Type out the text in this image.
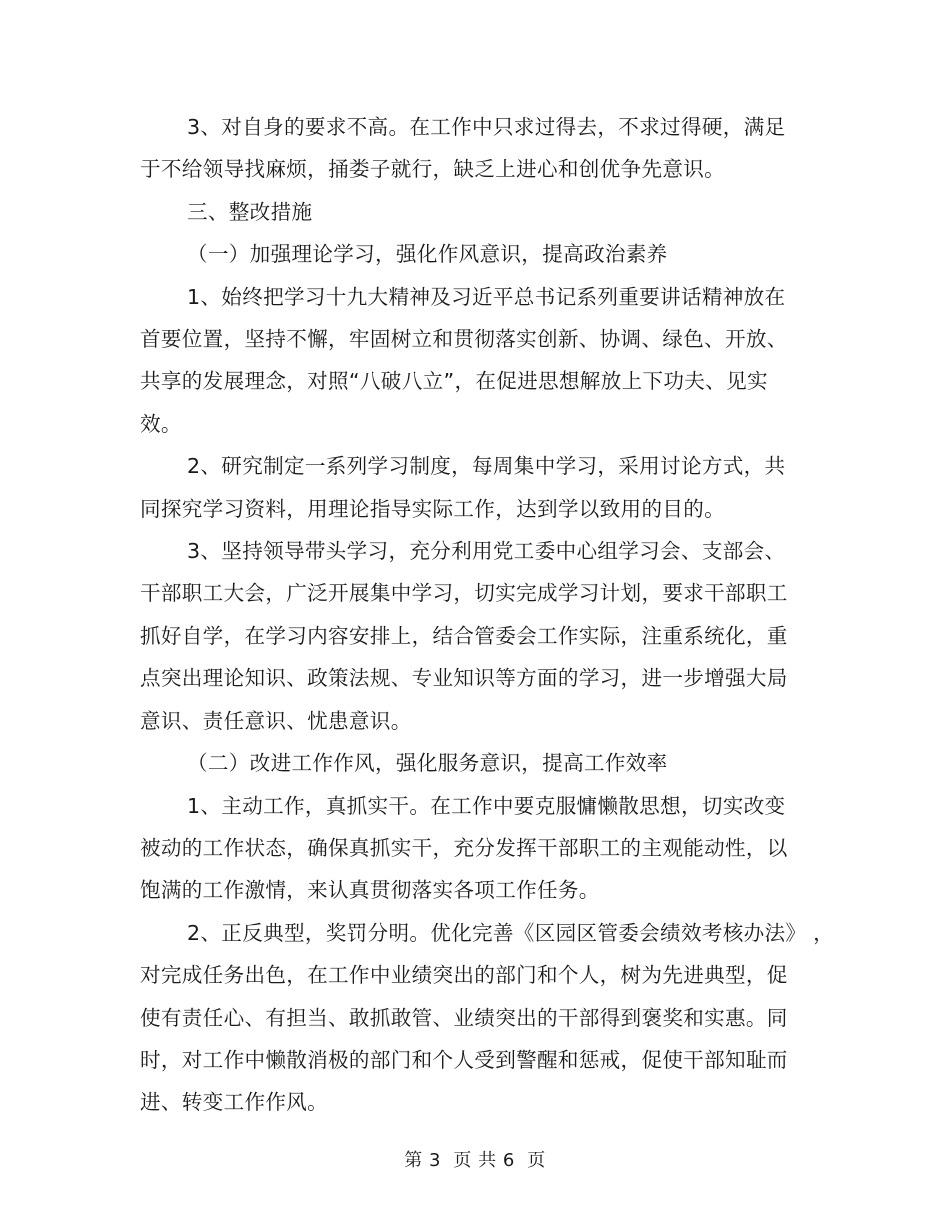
3、对自身的要求不高。在工作中只求过得去，不求过得硬，满足

于不给领导找麻烦，捅娄子就行，缺乏上进心和创优争先意识。

三、整改措施

（一）加强理论学习，强化作风意识，提高政治素养

1、始终把学习十九大精神及习近平总书记系列重要讲话精神放在

首要位置，坚持不懈，牢固树立和贯彻落实创新、协调、绿色、开放、

共享的发展理念，对照“八破八立”，在促进思想解放上下功夫、见实

效。

2、研究制定一系列学习制度，每周集中学习，采用讨论方式，共

同探究学习资料，用理论指导实际工作，达到学以致用的目的。

3、坚持领导带头学习，充分利用党工委中心组学习会、支部会、

干部职工大会，广泛开展集中学习，切实完成学习计划，要求干部职工

抓好自学，在学习内容安排上，结合管委会工作实际，注重系统化，重

点突出理论知识、政策法规、专业知识等方面的学习，进一步增强大局

意识、责任意识、忧患意识。

（二）改进工作作风，强化服务意识，提高工作效率

1、主动工作，真抓实干。在工作中要克服慵懒散思想，切实改变

被动的工作状态，确保真抓实干，充分发挥干部职工的主观能动性，以

饱满的工作激情，来认真贯彻落实各项工作任务。

2、正反典型，奖罚分明。优化完善《区园区管委会绩效考核办法》 ，

对完成任务出色，在工作中业绩突出的部门和个人，树为先进典型，促

使有责任心、有担当、敢抓敢管、业绩突出的干部得到褒奖和实惠。同

时，对工作中懒散消极的部门和个人受到警醒和惩戒，促使干部知耻而

进、转变工作作风。

第 3  页 共 6  页
